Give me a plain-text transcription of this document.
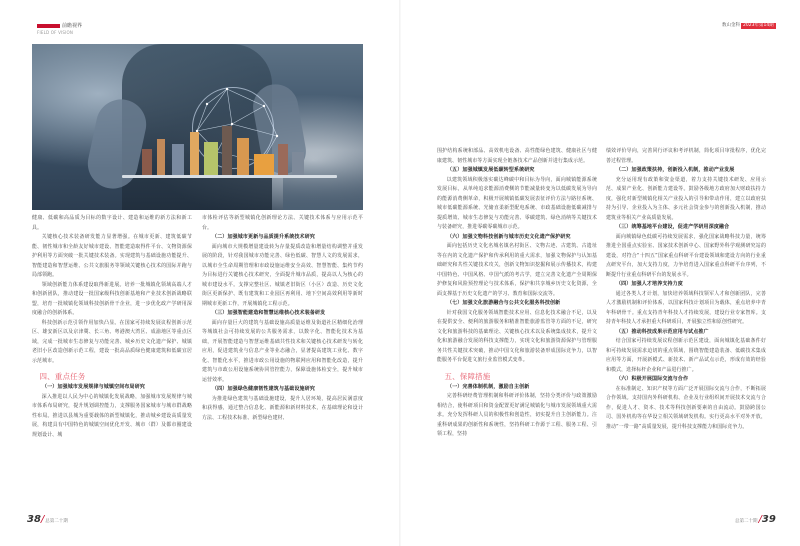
前瞻视界
FIELD OF VISION
数山金科 2023年第14期

健康、低碳和高品质为目标的数字设计、建造和运维的新方法和新工具。

关键核心技术装备研发能力显著增强。在城市更新、建筑低碳节能、韧性城市和全龄友好城市建设、智能建造取得件平台、文物资源保护利用等方面突破一批关键技术装备。实现建筑与基础设施功能提升、智能建造和智慧运维、公共文旅服务等领域关键核心技术的国际并跑与局部领跑。

领域创新能力体系建设取得新进展。培养一批城镇化领域高端人才和创新团队，推动建设一批国家级科技创新基地和产业技术创新战略联盟，培育一批城镇化领域科技创新骨干企业，进一步优化政产学研用深度融合的创新体系。

科技创新示范引领作用加快凸显。在国家可持续发展议程创新示范区、雄安新区以及京津冀、长三角、粤港澳大湾区、成渝地区等重点区域，完成一批城市生态修复与功能完善、城乡历史文化遗产保护、城镇老旧小区改造创新示范工程，建设一批高品质绿色健康建筑和低碳宜居示范城市。

四、重点任务
（一）加强城市发展规律与城镇空间布局研究

深入推进以人民为中心的城镇化发展战略，加强城市发展规律与城市体系布局研究，提升规划调控能力，支撑服务国家城市与城市群战略性布局。推进以县城为重要载体的新型城镇化，推动城乡建设高质量发展，构建具有中国特色的城镇空间优化开发、城市（群）及都市圈建设规划设计、城

市体检评估等新型城镇化创新理论方法、关键技术体系与应用示范平台。

（二）加强城市更新与品质提升系统技术研究

面向城市大规模增量建设转为存量提质改造和增量结构调整并重发展的阶段，针对我国城市功能完善、绿色低碳、智慧人文的发展需求，以城市全生命周期管理和市政设施运维安全高效、智慧智能、集约节约为目标进行关键核心技术研究，全面提升城市品质，提高以人为核心的城市建设水平。支撑完整社区、城镇老旧街区（小区）改造、历史文化街区更新保护、既有建筑和工业园区再利用、地下空间高效利用等新时期城市更新工作，开展城镇化工程示范。

（三）加强智能建造和智慧运维核心技术装备研发

面向存量巨大的建筑与基础设施高质量运维及街道社区精细化治理等城镇社会可持续发展的公共服务需求，以数字化、智能化技术为基础，开展智能建造与智慧运维基础共性技术和关键核心技术研发与转化应用，促进建筑业与信息产业等业态融合，显著提高建筑工业化、数字化、智能化水平，推进市政公用设施的物联网应用和智能化改造，提升建筑与市政公用设施系统协同管控能力，保障设施体检安全，提升城市运营效率。

（四）加强绿色健康韧性建筑与基础设施研究

为推进绿色建筑与基础设施建设，提升人居环境，提高居民满意度和获得感，通过整合信息化、新能源和新材料技术，在基础理论和设计方法、工程技术标准、新型绿色建材、

围护结构系统和部品、高效机电设备、高性能绿色建筑、健康社区与健康建筑、韧性城市等方面实现全链条技术产品创新并进行集成示范。

（五）加强城镇发展低碳转型系统研究

以建筑领域积极落实碳达峰碳中和目标为导向，面向城镇能源系统发展目标，从单纯追求能源消费侧的节能减量转变为以低碳发展为导向的能源消费侧革命，积极开展城镇低碳发展表征评价方法与路径系统、城市低碳能源系统、光储直柔新型配电系统、市政基础设施低碳减排与提质增效、城市生态修复与功能完善、零碳建筑、绿色消纳等关键技术与装备研究，推进零碳零碳城市示范。

（六）加强文物科技创新与城市历史文化遗产保护研究

面向包括历史文化名城名镇名村街区、文物古迹、古建筑、古遗址等在内的文化遗产保护和传承利用的重大需求，加强文物保护与认知基础研究和共性关键技术攻关，创新文物知识挖掘和展示传播技术，构建中国特色、中国风格、中国气派的考古学，建立完善文化遗产全周期保护修复和风险预控理论与技术体系，保护和共享城乡历史文化资源，全面支撑基于历史文化遗产的学习、教育和国际交流等。

（七）加强文化旅游融合与公共文化服务科技创新

针对我国文化服务领域智能技术应用、信息化技术融合不足，以及在提供安全、便利的旅游服务和精准智能旅游监管等方面的不足，研究文化和旅游科技的基础理论、关键核心技术以及系统集成技术，提升文化和旅游融合发展的科技支撑能力，实现文化和旅游资源保护与管理服务共性关键技术突破，推动中国文化和旅游装备形成国际竞争力，以智能服务平台促进文旅行业监管模式变革。

五、保障措施
（一）完善体制机制，激励自主创新

完善科研经费管理机制和科研评价体制，坚持分类评价与政策激励相结合，使科研项目和资金配置更好满足城镇化与城市发展领域重大需求。充分发挥科研人员的积极性和创造性，切实提升自主创新能力。注重科研成果的创新性和系统性，坚持科研工作源于工程、服务工程、引领工程，坚持

绩效评价导向，完善同行评议和考评机制，简化项目审批程序，优化完善过程管理。

（二）加强政策扶持，创新投入机制，推动产业发展

充分运用现有政策和资金渠道，着力支持关键技术研发、应用示范、成果产业化、创新能力建设等。鼓励各级地方政府加大财政扶持力度，强化对新型城镇化相关产业投入的引导和带动作用，建立以政府扶持为引导、企业投入为主体、多元社会资金参与的创新投入机制，推动建筑业等相关产业高质量发展。

（三）统筹基地平台建设，促进产学研用深度融合

面向城镇绿色低碳可持续发展需求，强化国家战略科技力量，统筹推进全国重点实验室、国家技术创新中心、国家野外科学观测研究站的建设，对符合“十四五”国家重点科研平台建设领域和建设方向的行业重点研究平台，加大支持力度，力争培育进入国家重点科研平台序列，不断提升行业重点科研平台的发展水平。

（四）加强人才培养支持力度

通过各类人才计划，加快培养领域科技领军人才和创新团队，完善人才激励机制和评价体系，以国家科技计划项目为载体，重点培养中青年科研骨干。重点支持青年科技人才持续发展，建设行业专家智库。支持青年科技人才承担重大科研项目，开展独立性和原创性研究。

（五）推动科技成果示范应用与试点推广

结合国家可持续发展议程创新示范区建设，面向城镇化基础条件好和可持续发展需求迫切的重点领域，围绕智能建造装备、低碳技术集成应用等方面，开展新模式、新技术、新产品试点示范，形成有效的经验和模式，选择标杆企业和产品进行推广。

（六）积极开展国际交流与合作

在标准制定、知识产权等方面广泛开展国际交流与合作，不断拓展合作领域。支持国内外科研机构、企业及行业组织间开展技术交流与合作，促进人才、资本、技术等科技创新要素的自由流动。鼓励跨国公司、国外机构等在华设立相关领域研发机构。实行更高水平对外开放，推动“一带一路”高质量发展，提升科技支撑能力和国际竞争力。

38 / 总第二十期	总第二十期 / 39
